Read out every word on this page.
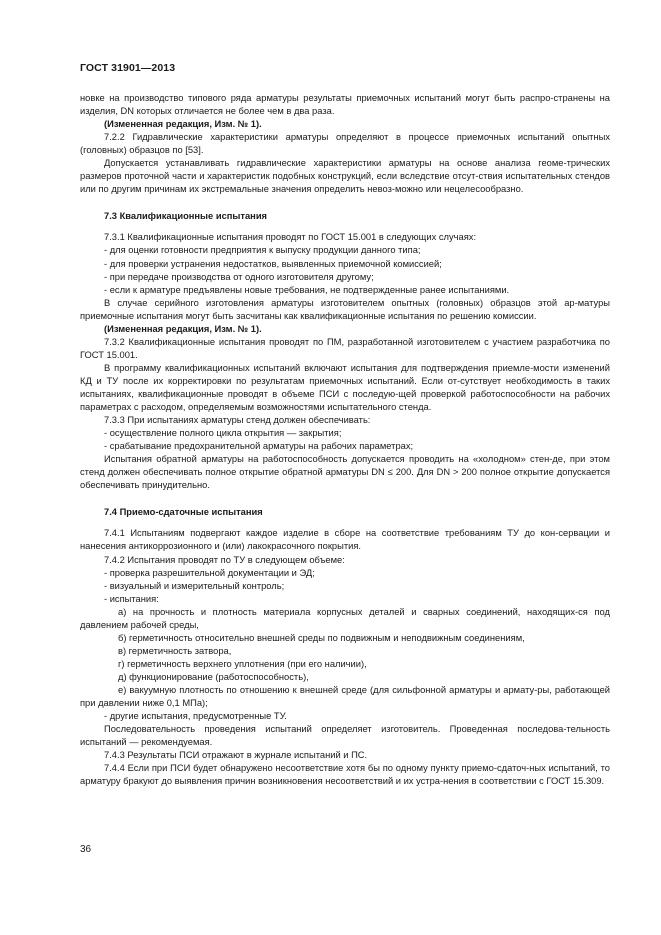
ГОСТ 31901—2013

новке на производство типового ряда арматуры результаты приемочных испытаний могут быть распро-странены на изделия, DN которых отличается не более чем в два раза.

(Измененная редакция, Изм. № 1).

7.2.2 Гидравлические характеристики арматуры определяют в процессе приемочных испытаний опытных (головных) образцов по [53].

Допускается устанавливать гидравлические характеристики арматуры на основе анализа геоме-трических размеров проточной части и характеристик подобных конструкций, если вследствие отсут-ствия испытательных стендов или по другим причинам их экстремальные значения определить невоз-можно или нецелесообразно.

7.3 Квалификационные испытания

7.3.1 Квалификационные испытания проводят по ГОСТ 15.001 в следующих случаях:

- для оценки готовности предприятия к выпуску продукции данного типа;

- для проверки устранения недостатков, выявленных приемочной комиссией;

- при передаче производства от одного изготовителя другому;

- если к арматуре предъявлены новые требования, не подтвержденные ранее испытаниями.

В случае серийного изготовления арматуры изготовителем опытных (головных) образцов этой ар-матуры приемочные испытания могут быть засчитаны как квалификационные испытания по решению комиссии.

(Измененная редакция, Изм. № 1).

7.3.2 Квалификационные испытания проводят по ПМ, разработанной изготовителем с участием разработчика по ГОСТ 15.001.

В программу квалификационных испытаний включают испытания для подтверждения приемле-мости изменений КД и ТУ после их корректировки по результатам приемочных испытаний. Если от-сутствует необходимость в таких испытаниях, квалификационные проводят в объеме ПСИ с последую-щей проверкой работоспособности на рабочих параметрах с расходом, определяемым возможностями испытательного стенда.

7.3.3 При испытаниях арматуры стенд должен обеспечивать:

- осуществление полного цикла открытия — закрытия;

- срабатывание предохранительной арматуры на рабочих параметрах;

Испытания обратной арматуры на работоспособность допускается проводить на «холодном» стен-де, при этом стенд должен обеспечивать полное открытие обратной арматуры DN ≤ 200. Для DN > 200 полное открытие допускается обеспечивать принудительно.

7.4 Приемо-сдаточные испытания

7.4.1 Испытаниям подвергают каждое изделие в сборе на соответствие требованиям ТУ до кон-сервации и нанесения антикоррозионного и (или) лакокрасочного покрытия.

7.4.2 Испытания проводят по ТУ в следующем объеме:

- проверка разрешительной документации и ЭД;

- визуальный и измерительный контроль;

- испытания:

а) на прочность и плотность материала корпусных деталей и сварных соединений, находящих-ся под давлением рабочей среды,

б) герметичность относительно внешней среды по подвижным и неподвижным соединениям,

в) герметичность затвора,

г) герметичность верхнего уплотнения (при его наличии),

д) функционирование (работоспособность),

е) вакуумную плотность по отношению к внешней среде (для сильфонной арматуры и армату-ры, работающей при давлении ниже 0,1 МПа);

- другие испытания, предусмотренные ТУ.

Последовательность проведения испытаний определяет изготовитель. Проведенная последова-тельность испытаний — рекомендуемая.

7.4.3 Результаты ПСИ отражают в журнале испытаний и ПС.

7.4.4 Если при ПСИ будет обнаружено несоответствие хотя бы по одному пункту приемо-сдаточ-ных испытаний, то арматуру бракуют до выявления причин возникновения несоответствий и их устра-нения в соответствии с ГОСТ 15.309.

36
